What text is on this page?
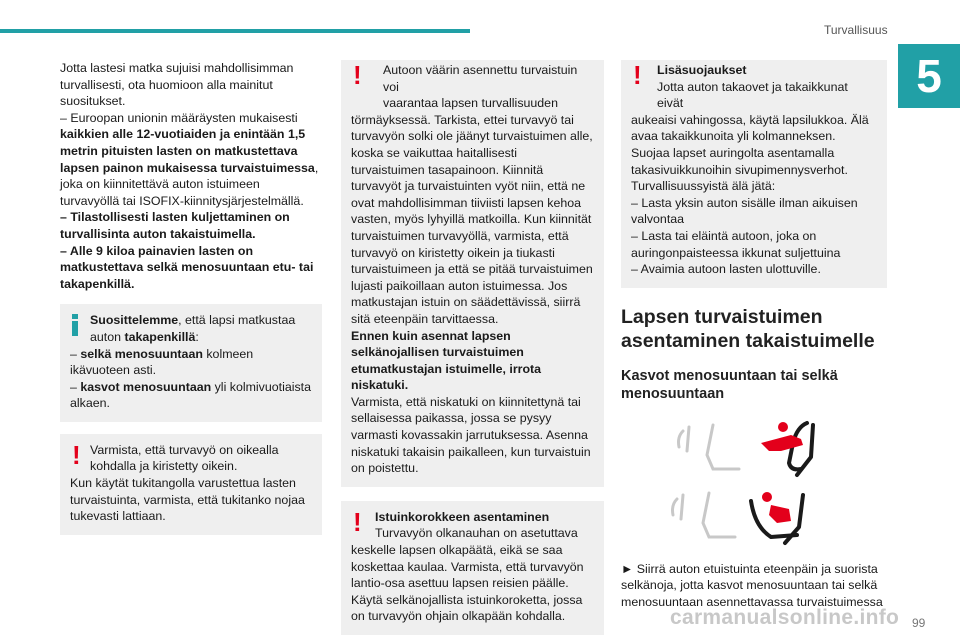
Turvallisuus
5

Jotta lastesi matka sujuisi mahdollisimman turvallisesti, ota huomioon alla mainitut suositukset.

– Euroopan unionin määräysten mukaisesti kaikkien alle 12-vuotiaiden ja enintään 1,5 metrin pituisten lasten on matkustettava lapsen painon mukaisessa turvaistuimessa, joka on kiinnitettävä auton istuimeen turvavyöllä tai ISOFIX-kiinnitysjärjestelmällä.

– Tilastollisesti lasten kuljettaminen on turvallisinta auton takaistuimella.

– Alle 9 kiloa painavien lasten on matkustettava selkä menosuuntaan etu- tai takapenkillä.

Suosittelemme, että lapsi matkustaa

auton takapenkillä:

– selkä menosuuntaan kolmeen ikävuoteen asti.

– kasvot menosuuntaan yli kolmivuotiaista alkaen.

! Varmista, että turvavyö on oikealla

kohdalla ja kiristetty oikein.

Kun käytät tukitangolla varustettua lasten turvaistuinta, varmista, että tukitanko nojaa tukevasti lattiaan.

!	Autoon väärin asennettu turvaistuin voi

vaarantaa lapsen turvallisuuden

törmäyksessä. Tarkista, ettei turvavyö tai turvavyön solki ole jäänyt turvaistuimen alle, koska se vaikuttaa haitallisesti turvaistuimen tasapainoon. Kiinnitä turvavyöt ja turvaistuinten vyöt niin, että ne ovat mahdollisimman tiiviisti lapsen kehoa vasten, myös lyhyillä matkoilla. Kun kiinnität turvaistuimen turvavyöllä, varmista, että turvavyö on kiristetty oikein ja tiukasti turvaistuimeen ja että se pitää turvaistuimen lujasti paikoillaan auton istuimessa. Jos matkustajan istuin on säädettävissä, siirrä sitä eteenpäin tarvittaessa.

Ennen kuin asennat lapsen selkänojallisen turvaistuimen etumatkustajan istuimelle, irrota niskatuki.

Varmista, että niskatuki on kiinnitettynä tai sellaisessa paikassa, jossa se pysyy varmasti kovassakin jarrutuksessa. Asenna niskatuki takaisin paikalleen, kun turvaistuin on poistettu.

!	Istuinkorokkeen asentaminen

Turvavyön olkanauhan on asetuttava

keskelle lapsen olkapäätä, eikä se saa koskettaa kaulaa. Varmista, että turvavyön lantio-osa asettuu lapsen reisien päälle. Käytä selkänojallista istuinkoroketta, jossa on turvavyön ohjain olkapään kohdalla.

!	Lisäsuojaukset

Jotta auton takaovet ja takaikkunat eivät

aukeaisi vahingossa, käytä lapsilukkoa. Älä avaa takaikkunoita yli kolmanneksen. Suojaa lapset auringolta asentamalla takasivuikkunoihin sivupimennysverhot. Turvallisuussyistä älä jätä:

– Lasta yksin auton sisälle ilman aikuisen valvontaa

– Lasta tai eläintä autoon, joka on auringonpaisteessa ikkunat suljettuina

– Avaimia autoon lasten ulottuville.

Lapsen turvaistuimen asentaminen takaistuimelle
Kasvot menosuuntaan tai selkä menosuuntaan

► Siirrä auton etuistuinta eteenpäin ja suorista selkänoja, jotta kasvot menosuuntaan tai selkä menosuuntaan asennettavassa turvaistuimessa

carmanualsonline.info 99
